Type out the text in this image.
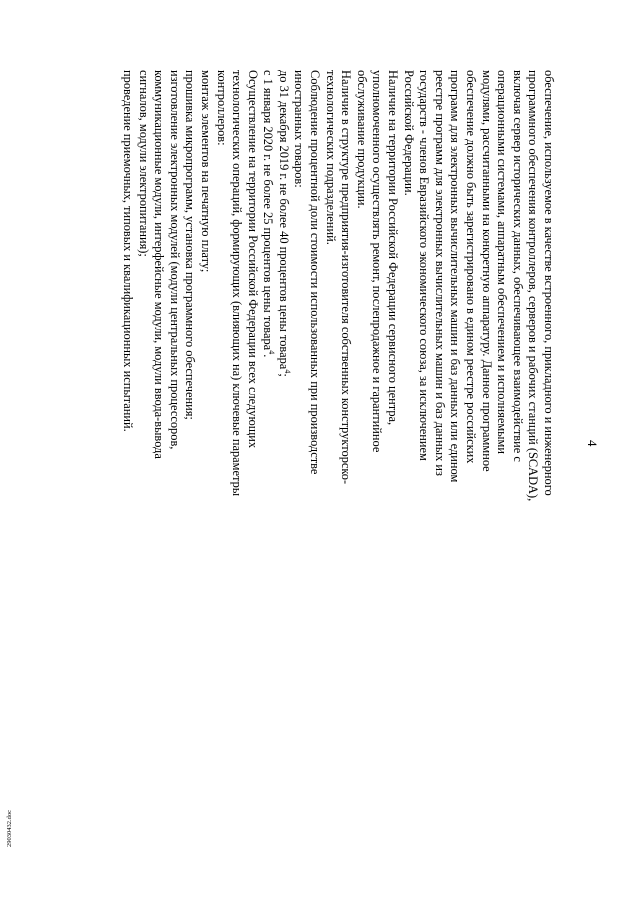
4
обеспечение, используемое в качестве встроенного, прикладного и инженерного
программного обеспечения контроллеров, серверов и рабочих станций (SCADA),
включая сервер исторических данных, обеспечивающее взаимодействие с
операционными системами, аппаратным обеспечением и исполняемыми
модулями, рассчитанными на конкретную аппаратуру. Данное программное
обеспечение должно быть зарегистрировано в едином реестре российских
программ для электронных вычислительных машин и баз данных или едином
реестре программ для электронных вычислительных машин и баз данных из
государств - членов Евразийского экономического союза, за исключением
Российской Федерации.
Наличие на территории Российской Федерации сервисного центра,
уполномоченного осуществлять ремонт, послепродажное и гарантийное
обслуживание продукции.
Наличие в структуре предприятия-изготовителя собственных конструкторско-
технологических подразделений.
Соблюдение процентной доли стоимости использованных при производстве
иностранных товаров:
до 31 декабря 2019 г. не более 40 процентов цены товара$^4$;
с 1 января 2020 г. не более 25 процентов цены товара$^4$.
Осуществление на территории Российской Федерации всех следующих
технологических операций, формирующих (влияющих на) ключевые параметры
контроллеров:
монтаж элементов на печатную плату;
прошивка микропрограмм, установка программного обеспечения;
изготовление электронных модулей (модули центральных процессоров,
коммуникационные модули, интерфейсные модули, модули ввода-вывода
сигналов, модули электропитания);
проведение приемочных, типовых и квалификационных испытаний.
29030432.doc
